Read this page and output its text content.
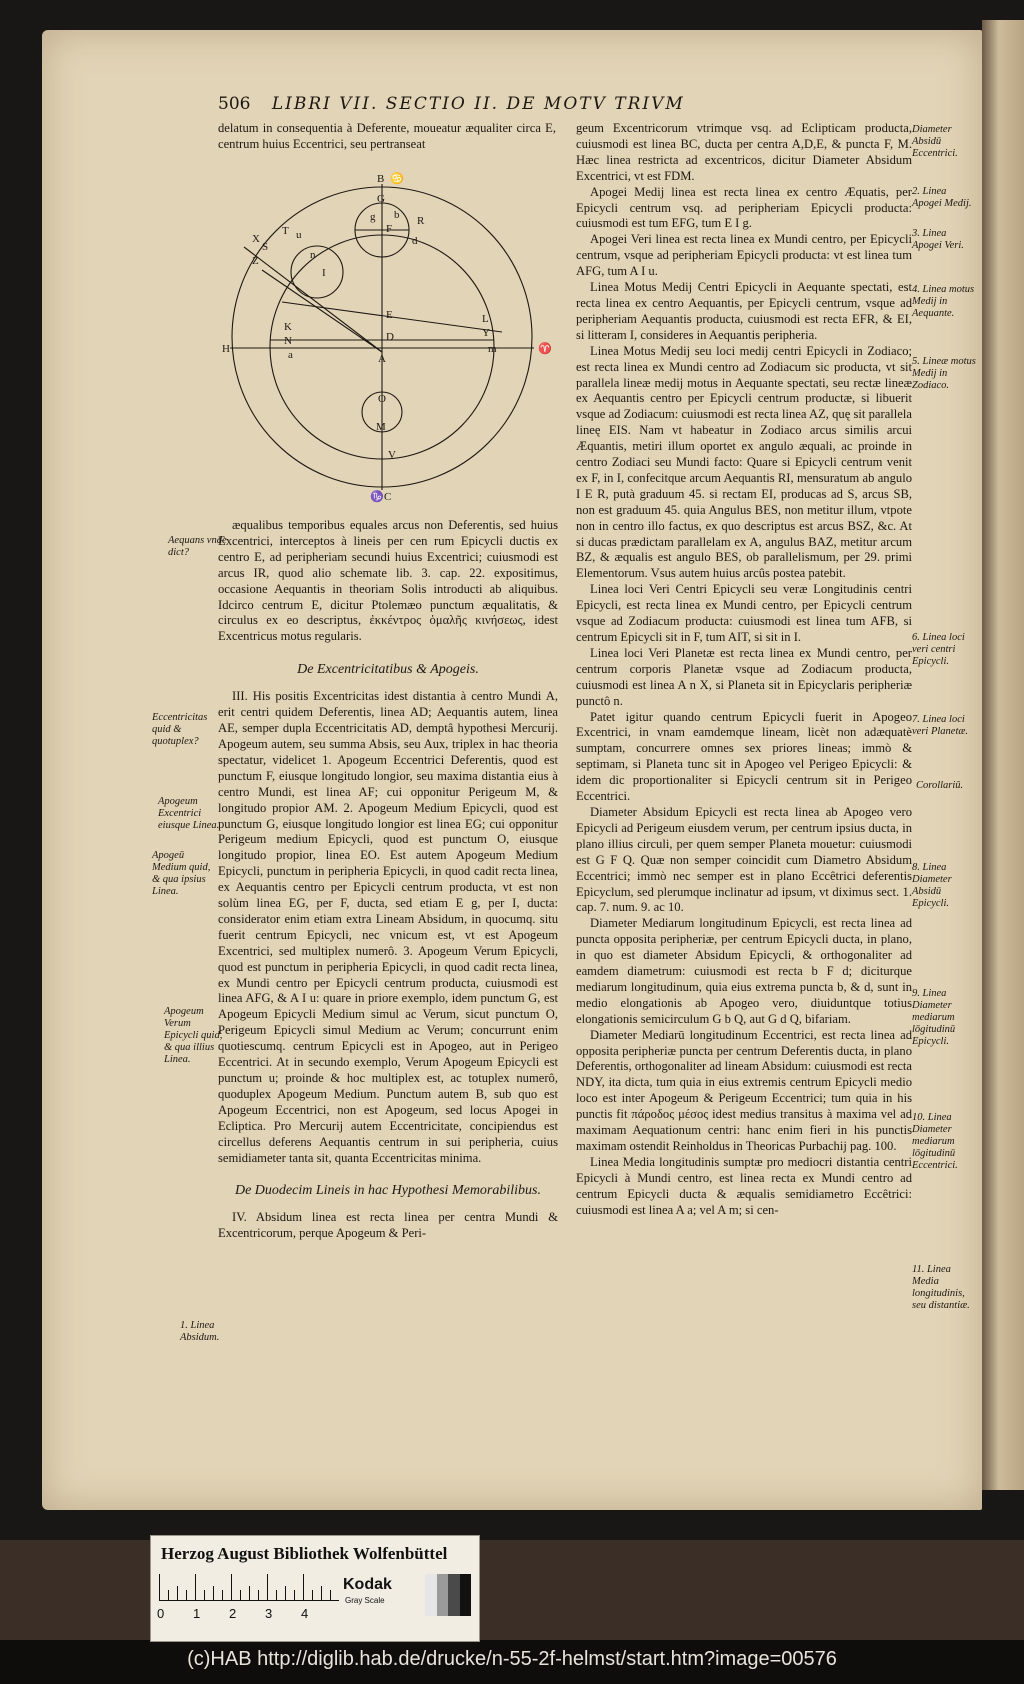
506 LIBRI VII. SECTIO II. DE MOTV TRIVM

delatum in consequentia à Deferente, moueatur æqualiter circa E, centrum huius Eccentrici, seu pertranseat

B ♋
G
F
T u
S
R
b
d
I
Z
E
K
N	D
L
Y
a	m
H	♈
A
O
M
V
♑ C
g
n
X

æqualibus temporibus equales arcus non Deferentis, sed huius Excentrici, interceptos à lineis per cen rum Epicycli ductis ex centro E, ad peripheriam secundi huius Excentrici; cuiusmodi est arcus IR, quod alio schemate lib. 3. cap. 22. expositimus, occasione Aequantis in theoriam Solis introducti ab aliquibus. Idcirco centrum E, dicitur Ptolemæo punctum æqualitatis, & circulus ex eo descriptus, ἐκκέντρος ὁμαλῆς κινήσεως, idest Excentricus motus regularis.

De Excentricitatibus & Apogeis.

III. His positis Excentricitas idest distantia à centro Mundi A, erit centri quidem Deferentis, linea AD; Aequantis autem, linea AE, semper dupla Eccentricitatis AD, demptâ hypothesi Mercurij. Apogeum autem, seu summa Absis, seu Aux, triplex in hac theoria spectatur, videlicet 1. Apogeum Eccentrici Deferentis, quod est punctum F, eiusque longitudo longior, seu maxima distantia eius à centro Mundi, est linea AF; cui opponitur Perigeum M, & longitudo propior AM. 2. Apogeum Medium Epicycli, quod est punctum G, eiusque longitudo longior est linea EG; cui opponitur Perigeum medium Epicycli, quod est punctum O, eiusque longitudo propior, linea EO. Est autem Apogeum Medium Epicycli, punctum in peripheria Epicycli, in quod cadit recta linea, ex Aequantis centro per Epicycli centrum producta, vt est non solùm linea EG, per F, ducta, sed etiam E g, per I, ducta: considerator enim etiam extra Lineam Absidum, in quocumq. situ fuerit centrum Epicycli, nec vnicum est, vt est Apogeum Excentrici, sed multiplex numerô. 3. Apogeum Verum Epicycli, quod est punctum in peripheria Epicycli, in quod cadit recta linea, ex Mundi centro per Epicycli centrum producta, cuiusmodi est linea AFG, & A I u: quare in priore exemplo, idem punctum G, est Apogeum Epicycli Medium simul ac Verum, sicut punctum O, Perigeum Epicycli simul Medium ac Verum; concurrunt enim quotiescumq. centrum Epicycli est in Apogeo, aut in Perigeo Eccentrici. At in secundo exemplo, Verum Apogeum Epicycli est punctum u; proinde & hoc multiplex est, ac totuplex numerô, quoduplex Apogeum Medium. Punctum autem B, sub quo est Apogeum Eccentrici, non est Apogeum, sed locus Apogei in Ecliptica. Pro Mercurij autem Eccentricitate, concipiendus est circellus deferens Aequantis centrum in sui peripheria, cuius semidiameter tanta sit, quanta Eccentricitas minima.

De Duodecim Lineis in hac Hypothesi Memorabilibus.

IV. Absidum linea est recta linea per centra Mundi & Excentricorum, perque Apogeum & Peri-

Aequans vnde dict?
Eccentricitas quid & quotuplex?
Apogeum Excentrici eiusque Linea.
Apogeū Medium quid, & qua ipsius Linea.
Apogeum Verum Epicycli quid, & qua illius Linea.
1. Linea Absidum.

geum Excentricorum vtrimque vsq. ad Eclipticam producta, cuiusmodi est linea BC, ducta per centra A,D,E, & puncta F, M. Hæc linea restricta ad excentricos, dicitur Diameter Absidum Excentrici, vt est FDM.

Apogei Medij linea est recta linea ex centro Æquatis, per Epicycli centrum vsq. ad peripheriam Epicycli producta: cuiusmodi est tum EFG, tum E I g.

Apogei Veri linea est recta linea ex Mundi centro, per Epicycli centrum, vsque ad peripheriam Epicycli producta: vt est linea tum AFG, tum A I u.

Linea Motus Medij Centri Epicycli in Aequante spectati, est recta linea ex centro Aequantis, per Epicycli centrum, vsque ad peripheriam Aequantis producta, cuiusmodi est recta EFR, & EI, si litteram I, consideres in Aequantis peripheria.

Linea Motus Medij seu loci medij centri Epicycli in Zodiaco; est recta linea ex Mundi centro ad Zodiacum sic producta, vt sit parallela lineæ medij motus in Aequante spectati, seu rectæ lineæ ex Aequantis centro per Epicycli centrum productæ, si libuerit vsque ad Zodiacum: cuiusmodi est recta linea AZ, quę sit parallela lineę EIS. Nam vt habeatur in Zodiaco arcus similis arcui Æquantis, metiri illum oportet ex angulo æquali, ac proinde in centro Zodiaci seu Mundi facto: Quare si Epicycli centrum venit ex F, in I, confecitque arcum Aequantis RI, mensuratum ab angulo I E R, putà graduum 45. si rectam EI, producas ad S, arcus SB, non est graduum 45. quia Angulus BES, non metitur illum, vtpote non in centro illo factus, ex quo descriptus est arcus BSZ, &c. At si ducas prædictam parallelam ex A, angulus BAZ, metitur arcum BZ, & æqualis est angulo BES, ob parallelismum, per 29. primi Elementorum. Vsus autem huius arcûs postea patebit.

Linea loci Veri Centri Epicycli seu veræ Longitudinis centri Epicycli, est recta linea ex Mundi centro, per Epicycli centrum vsque ad Zodiacum producta: cuiusmodi est linea tum AFB, si centrum Epicycli sit in F, tum AIT, si sit in I.

Linea loci Veri Planetæ est recta linea ex Mundi centro, per centrum corporis Planetæ vsque ad Zodiacum producta, cuiusmodi est linea A n X, si Planeta sit in Epicyclaris peripheriæ punctô n.

Patet igitur quando centrum Epicycli fuerit in Apogeo Excentrici, in vnam eamdemque lineam, licèt non adæquatè sumptam, concurrere omnes sex priores lineas; immò & septimam, si Planeta tunc sit in Apogeo vel Perigeo Epicycli: & idem dic proportionaliter si Epicycli centrum sit in Perigeo Eccentrici.

Diameter Absidum Epicycli est recta linea ab Apogeo vero Epicycli ad Perigeum eiusdem verum, per centrum ipsius ducta, in plano illius circuli, per quem semper Planeta mouetur: cuiusmodi est G F Q. Quæ non semper coincidit cum Diametro Absidum Eccentrici; immò nec semper est in plano Eccêtrici deferentis Epicyclum, sed plerumque inclinatur ad ipsum, vt diximus sect. 1. cap. 7. num. 9. ac 10.

Diameter Mediarum longitudinum Epicycli, est recta linea ad puncta opposita peripheriæ, per centrum Epicycli ducta, in plano, in quo est diameter Absidum Epicycli, & orthogonaliter ad eamdem diametrum: cuiusmodi est recta b F d; diciturque mediarum longitudinum, quia eius extrema puncta b, & d, sunt in medio elongationis ab Apogeo vero, diuiduntque totius elongationis semicirculum G b Q, aut G d Q, bifariam.

Diameter Mediarū longitudinum Eccentrici, est recta linea ad opposita peripheriæ puncta per centrum Deferentis ducta, in plano Deferentis, orthogonaliter ad lineam Absidum: cuiusmodi est recta NDY, ita dicta, tum quia in eius extremis centrum Epicycli medio loco est inter Apogeum & Perigeum Eccentrici; tum quia in his punctis fit πάροδος μέσος idest medius transitus à maxima vel ad maximam Aequationum centri: hanc enim fieri in his punctis maximam ostendit Reinholdus in Theoricas Purbachij pag. 100.

Linea Media longitudinis sumptæ pro mediocri distantia centri Epicycli à Mundi centro, est linea recta ex Mundi centro ad centrum Epicycli ducta & æqualis semidiametro Eccêtrici: cuiusmodi est linea A a; vel A m; si cen-

Diameter Absidū Eccentrici.
2. Linea Apogei Medij.
3. Linea Apogei Veri.
4. Linea motus Medij in Aequante.
5. Lineæ motus Medij in Zodiaco.
6. Linea loci veri centri Epicycli.
7. Linea loci veri Planetæ.
Corollariū.
8. Linea Diameter Absidū Epicycli.
9. Linea Diameter mediarum lōgitudinū Epicycli.
10. Linea Diameter mediarum lōgitudinū Eccentrici.
11. Linea Media longitudinis, seu distantiæ.
Herzog August Bibliothek Wolfenbüttel
0 1 2 3 4
Kodak
Gray Scale
(c)HAB http://diglib.hab.de/drucke/n-55-2f-helmst/start.htm?image=00576
